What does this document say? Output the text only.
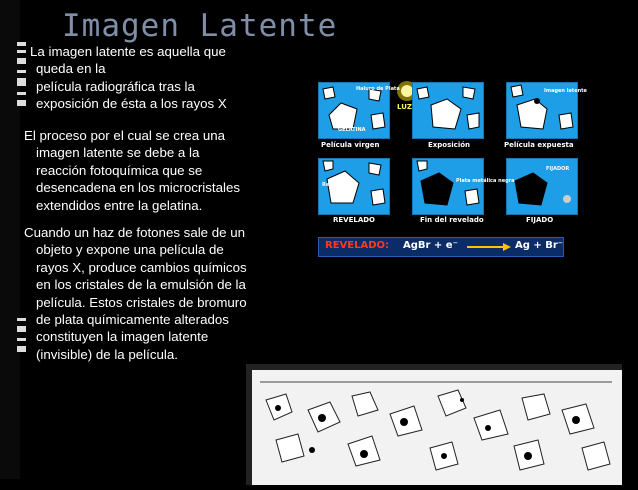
Imagen Latente
La imagen latente es aquella que
queda en la
película radiográfica tras la
exposición de ésta a los rayos X
El proceso por el cual se crea una
imagen latente se debe a la
reacción fotoquímica que se
desencadena en los microcristales
extendidos entre la gelatina.
Cuando un haz de fotones sale de un
objeto y expone una película de
rayos X, produce cambios químicos
en los cristales de la emulsión de la
película. Estos cristales de bromuro
de plata químicamente alterados
constituyen la imagen latente
(invisible) de la película.
LUZ
Película virgen	Exposición	Película expuesta
Haluro de Plata
GELATINA
Imagen latente
REVELADO	Fin del revelado	FIJADO
Revelador
Plata metálica negra
FIJADOR
REVELADO: AgBr + e⁻	Ag + Br⁻
